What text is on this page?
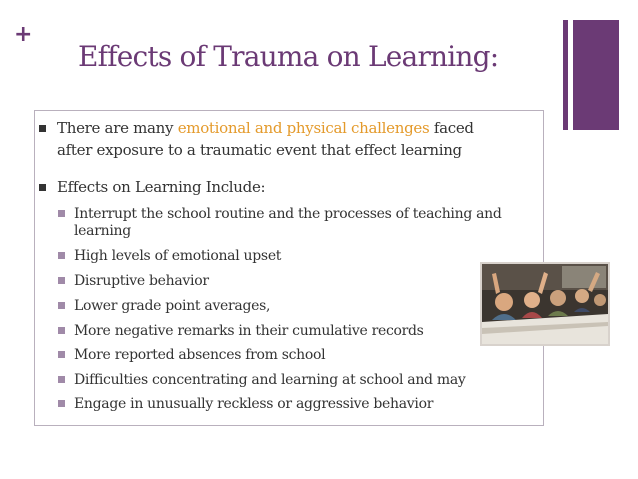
+
Effects of Trauma on Learning:
There are many emotional and physical challenges faced
after exposure to a traumatic event that effect learning
Effects on Learning Include:
Interrupt the school routine and the processes of teaching and
learning
High levels of emotional upset
Disruptive behavior
Lower grade point averages,
More negative remarks in their cumulative records
More reported absences from school
Difficulties concentrating and learning at school and may
Engage in unusually reckless or aggressive behavior
